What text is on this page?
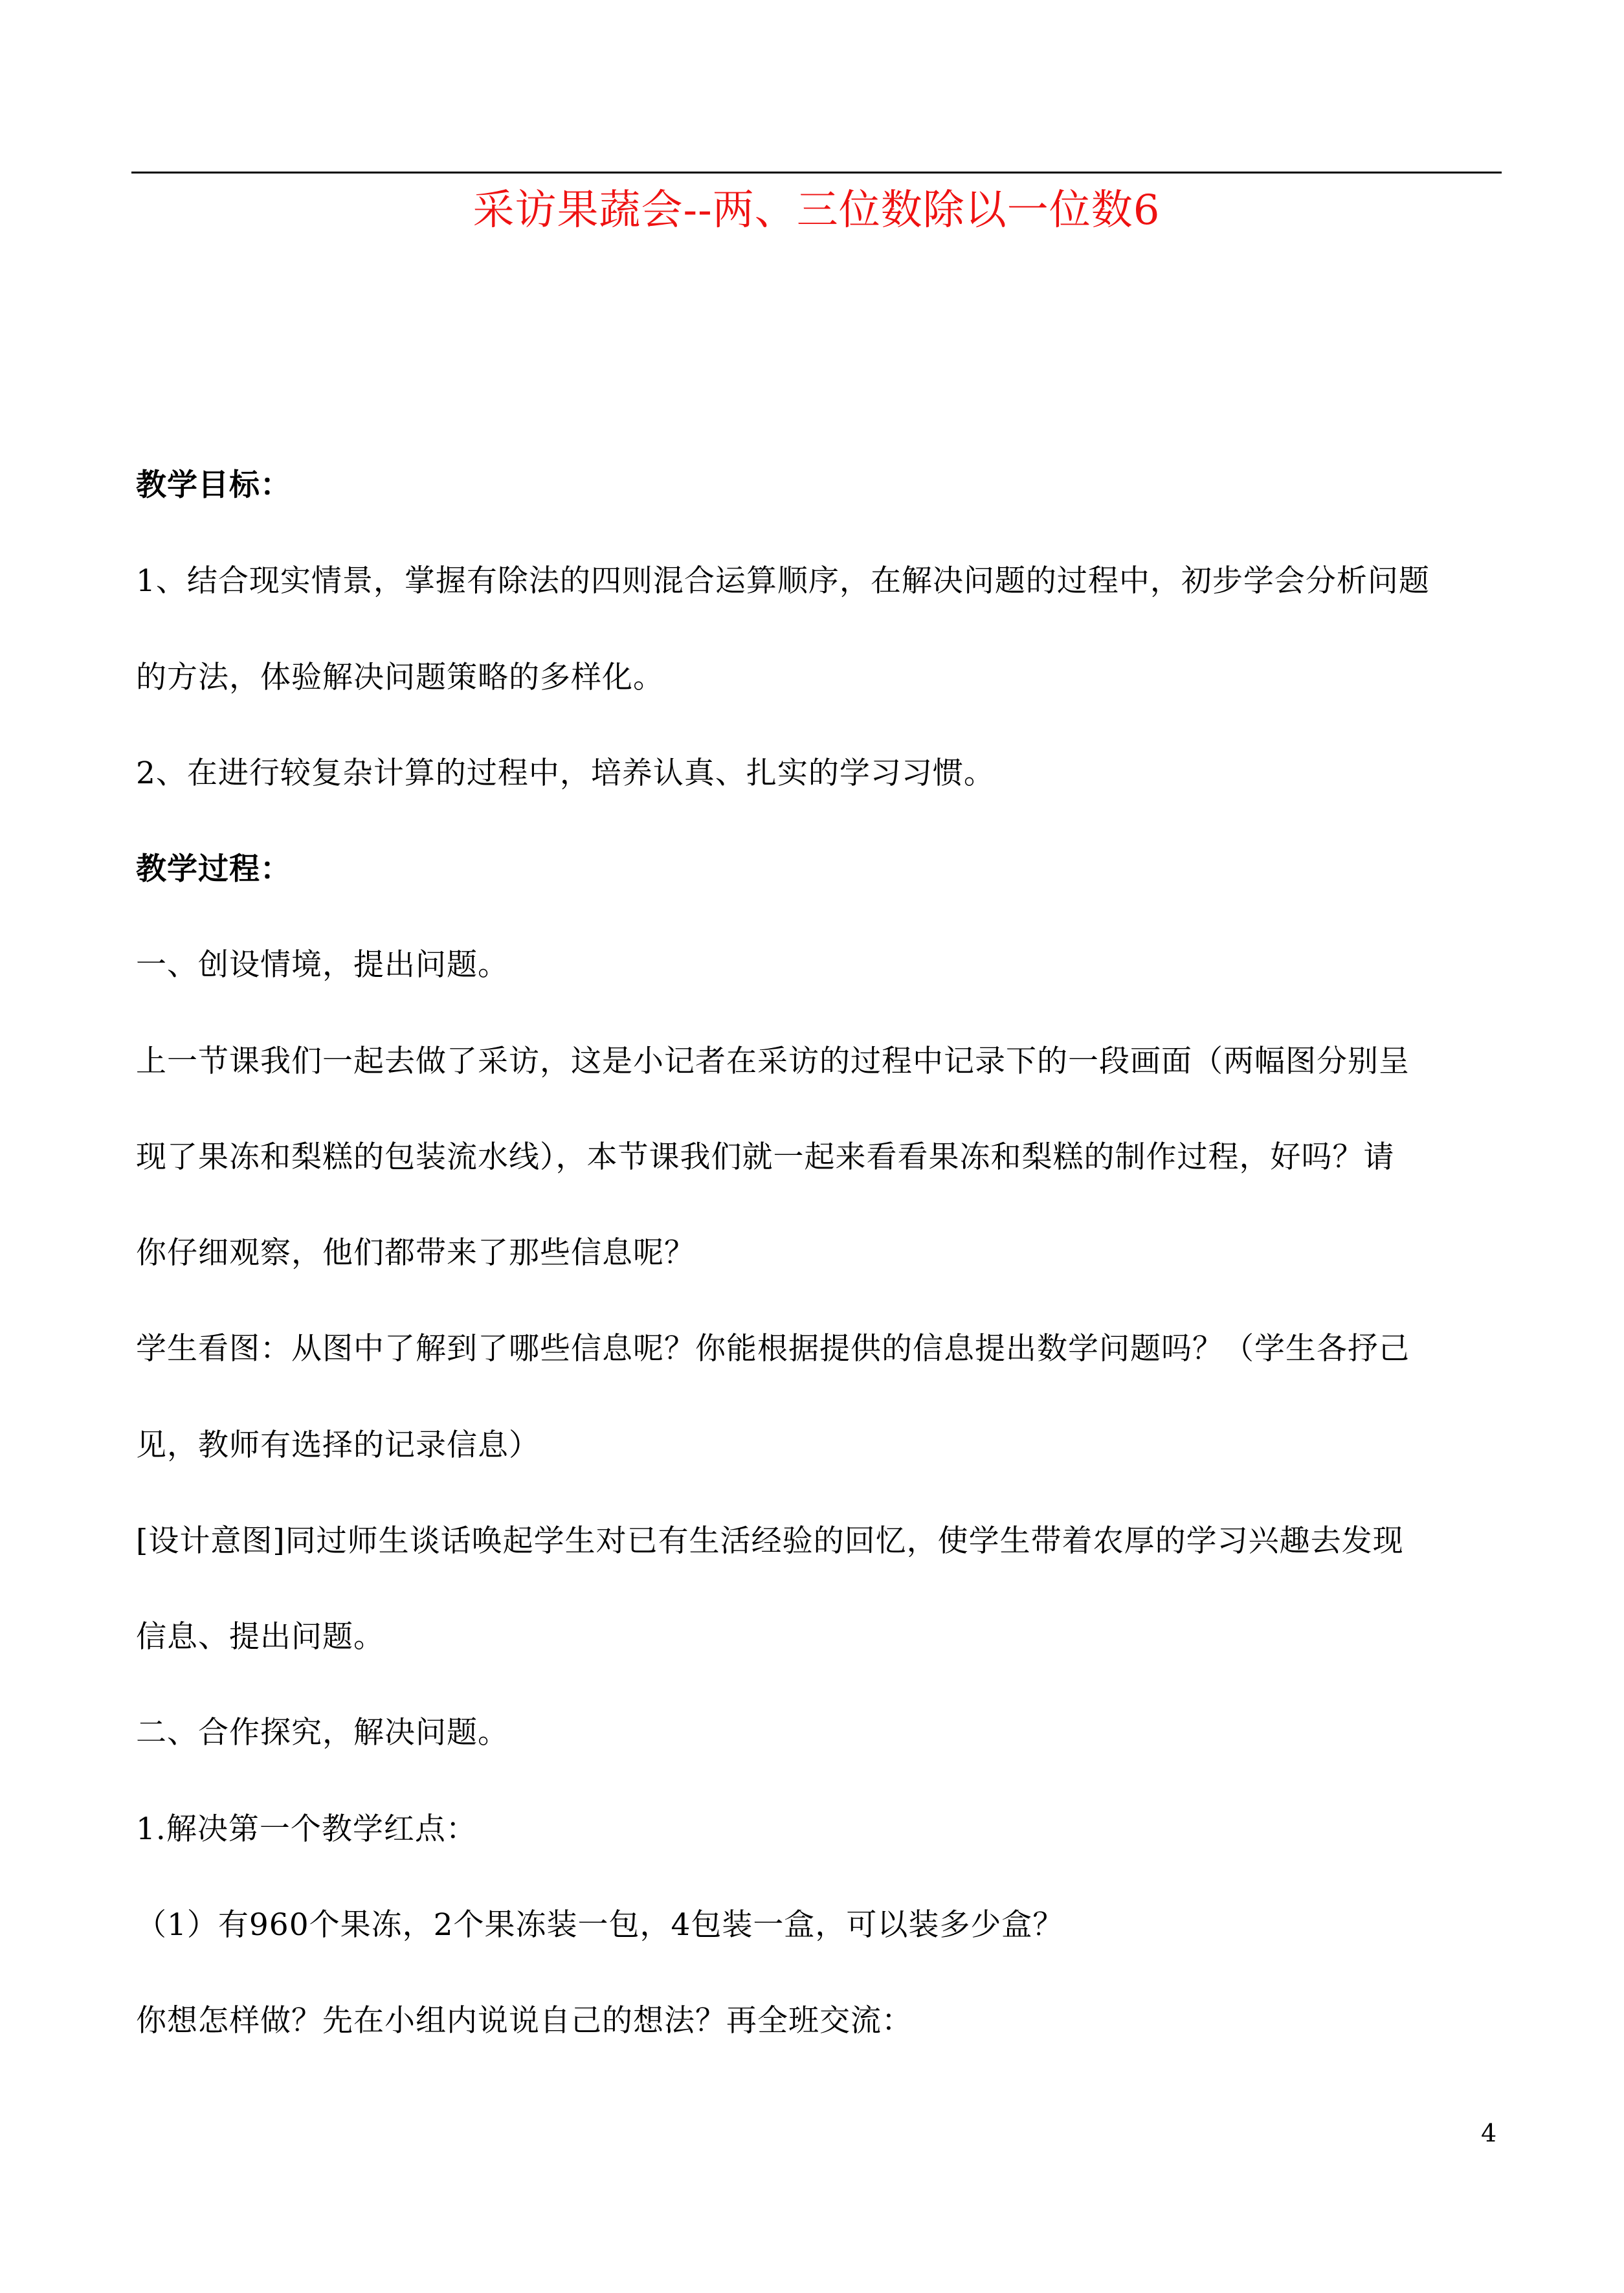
采访果蔬会--两、三位数除以一位数6
教学目标：
1、结合现实情景，掌握有除法的四则混合运算顺序，在解决问题的过程中，初步学会分析问题
的方法，体验解决问题策略的多样化。
2、在进行较复杂计算的过程中，培养认真、扎实的学习习惯。
教学过程：
一、创设情境，提出问题。
上一节课我们一起去做了采访，这是小记者在采访的过程中记录下的一段画面（两幅图分别呈
现了果冻和梨糕的包装流水线），本节课我们就一起来看看果冻和梨糕的制作过程，好吗？请
你仔细观察，他们都带来了那些信息呢？
学生看图：从图中了解到了哪些信息呢？你能根据提供的信息提出数学问题吗？（学生各抒己
见，教师有选择的记录信息）
[设计意图]同过师生谈话唤起学生对已有生活经验的回忆，使学生带着农厚的学习兴趣去发现
信息、提出问题。
二、合作探究，解决问题。
1.解决第一个教学红点：
（1）有960个果冻，2个果冻装一包，4包装一盒，可以装多少盒？
你想怎样做？先在小组内说说自己的想法？再全班交流：
4
